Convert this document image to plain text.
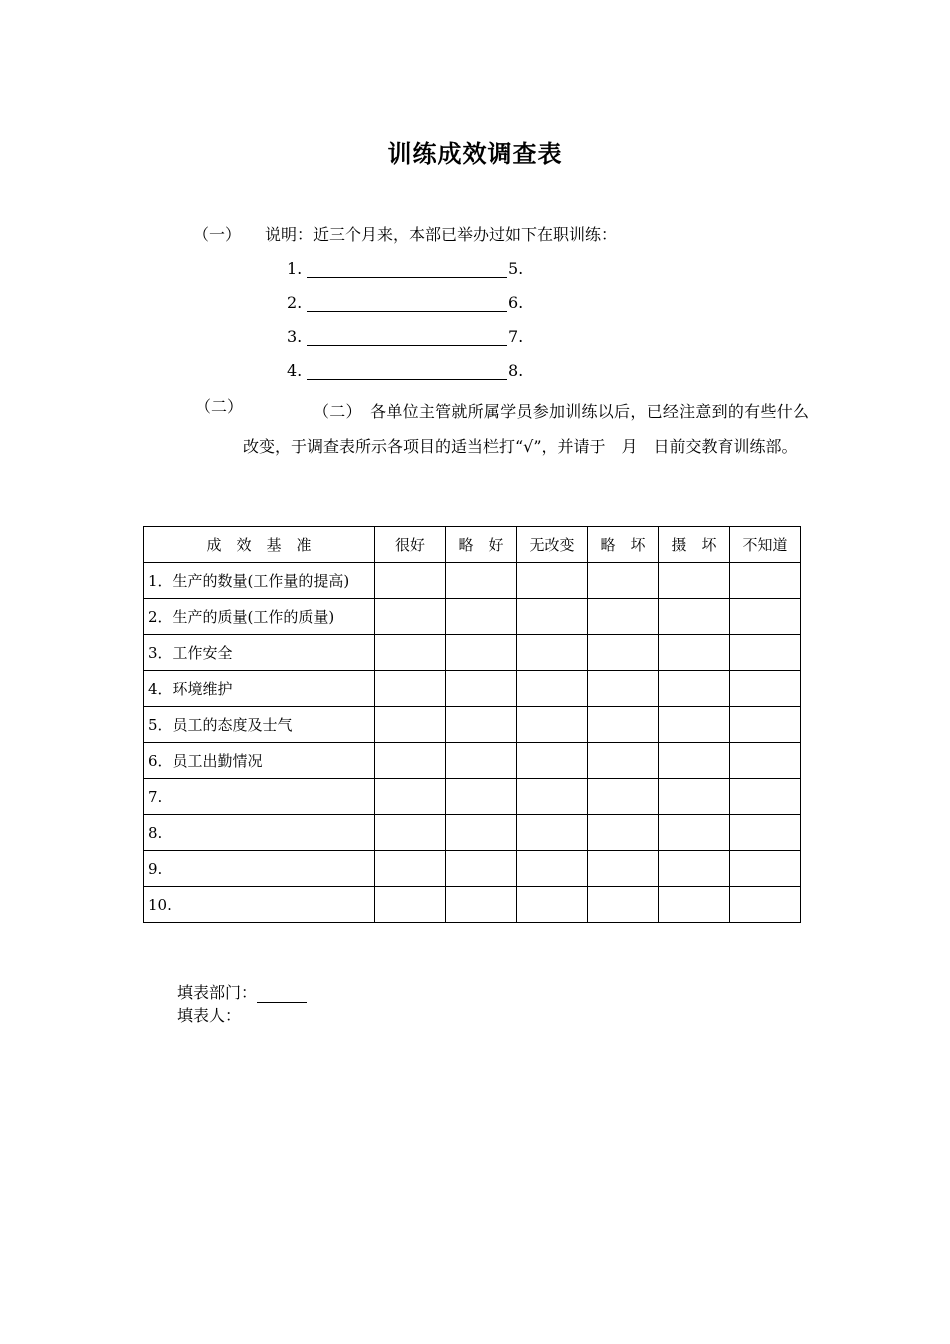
训练成效调查表
（一） 说明：近三个月来，本部已举办过如下在职训练：
1.	5.
2.	6.
3.	7.
4.	8.
（二）	（二）　各单位主管就所属学员参加训练以后，已经注意到的有些什么改变，于调查表所示各项目的适当栏打“√”，并请于　月　日前交教育训练部。
成　效　基　准	很好	略　好	无改变	略　坏	摄　坏	不知道
1．生产的数量(工作量的提高)						
2．生产的质量(工作的质量)						
3．工作安全						
4．环境维护						
5．员工的态度及士气						
6．员工出勤情况						
7.						
8.						
9.						
10.						
填表部门：
填表人：
